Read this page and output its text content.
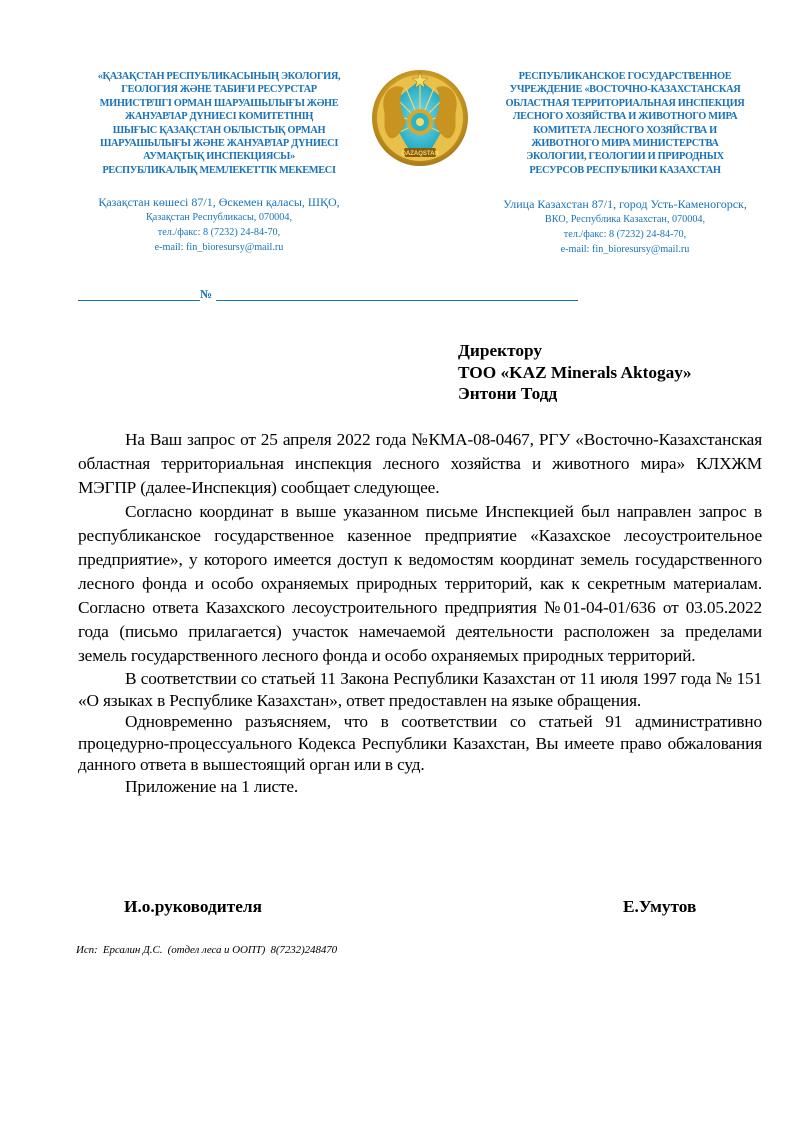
«ҚАЗАҚСТАН РЕСПУБЛИКАСЫНЫҢ ЭКОЛОГИЯ,
ГЕОЛОГИЯ ЖӘНЕ ТАБИҒИ РЕСУРСТАР
МИНИСТРЛІГІ ОРМАН ШАРУАШЫЛЫҒЫ ЖӘНЕ
ЖАНУАРЛАР ДҮНИЕСІ КОМИТЕТІНІҢ
ШЫҒЫС ҚАЗАҚСТАН ОБЛЫСТЫҚ ОРМАН
ШАРУАШЫЛЫҒЫ ЖӘНЕ ЖАНУАРЛАР ДҮНИЕСІ
АУМАҚТЫҚ ИНСПЕКЦИЯСЫ»
РЕСПУБЛИКАЛЫҚ МЕМЛЕКЕТТІК МЕКЕМЕСІ
Қазақстан көшесі 87/1, Өскемен қаласы, ШҚО,
Қазақстан Республикасы, 070004,
тел./факс: 8 (7232) 24-84-70,
e-mail: fin_bioresursy@mail.ru
QAZAQSTAN
РЕСПУБЛИКАНСКОЕ ГОСУДАРСТВЕННОЕ
УЧРЕЖДЕНИЕ «ВОСТОЧНО-КАЗАХСТАНСКАЯ
ОБЛАСТНАЯ ТЕРРИТОРИАЛЬНАЯ ИНСПЕКЦИЯ
ЛЕСНОГО ХОЗЯЙСТВА И ЖИВОТНОГО МИРА
КОМИТЕТА ЛЕСНОГО ХОЗЯЙСТВА И
ЖИВОТНОГО МИРА МИНИСТЕРСТВА
ЭКОЛОГИИ, ГЕОЛОГИИ И ПРИРОДНЫХ
РЕСУРСОВ РЕСПУБЛИКИ КАЗАХСТАН
Улица Казахстан 87/1, город Усть-Каменогорск,
ВКО, Республика Казахстан, 070004,
тел./факс: 8 (7232) 24-84-70,
e-mail: fin_bioresursy@mail.ru
№
Директору
ТОО «KAZ Minerals Aktogay»
Энтони Тодд

На Ваш запрос от 25 апреля 2022 года №КМА-08-0467, РГУ «Восточно-Казахстанская областная территориальная инспекция лесного хозяйства и животного мира» КЛХЖМ МЭГПР (далее-Инспекция) сообщает следующее.

Согласно координат в выше указанном письме Инспекцией был направлен запрос в республиканское государственное казенное предприятие «Казахское лесоустроительное предприятие», у которого имеется доступ к ведомостям координат земель государственного лесного фонда и особо охраняемых природных территорий, как к секретным материалам. Согласно ответа Казахского лесоустроительного предприятия №01-04-01/636 от 03.05.2022 года (письмо прилагается) участок намечаемой деятельности расположен за пределами земель государственного лесного фонда и особо охраняемых природных территорий.

В соответствии со статьей 11 Закона Республики Казахстан от 11 июля 1997 года № 151 «О языках в Республике Казахстан», ответ предоставлен на языке обращения.

Одновременно разъясняем, что в соответствии со статьей 91 административно процедурно-процессуального Кодекса Республики Казахстан, Вы имеете право обжалования данного ответа в вышестоящий орган или в суд.

Приложение на 1 листе.

И.о.руководителя	Е.Умутов
Исп:  Ерсалин Д.С.  (отдел леса и ООПТ)  8(7232)248470
